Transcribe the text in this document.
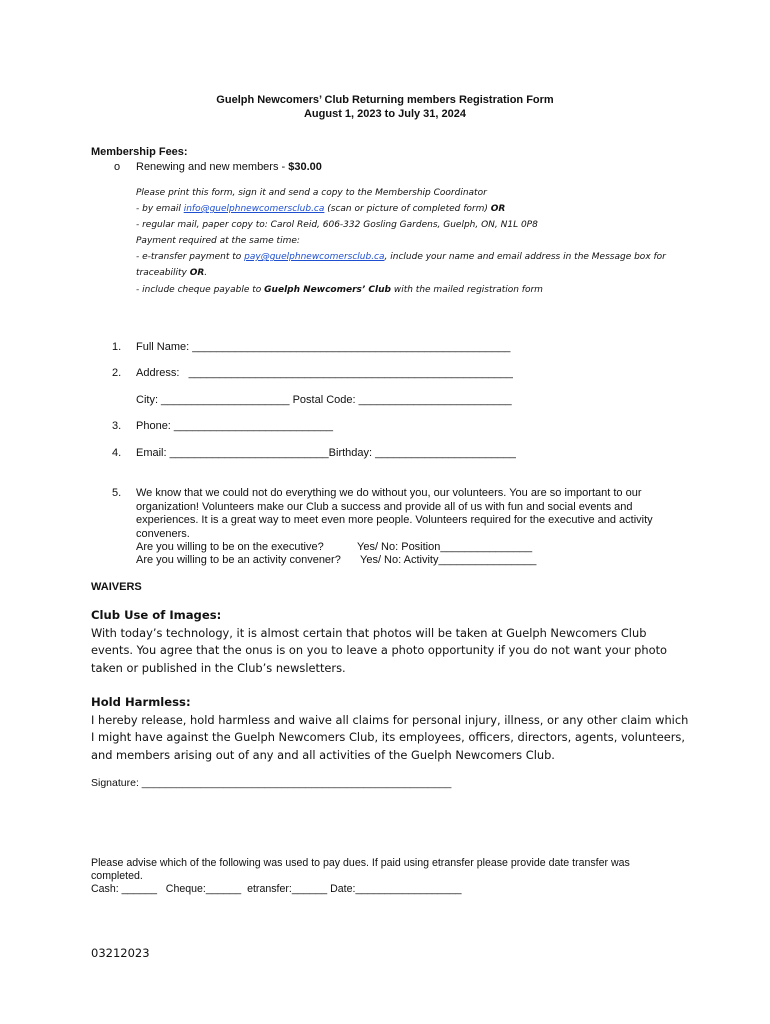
Guelph Newcomers’ Club Returning members Registration Form
August 1, 2023 to July 31, 2024
Membership Fees:
o Renewing and new members - $30.00
Please print this form, sign it and send a copy to the Membership Coordinator
- by email info@guelphnewcomersclub.ca (scan or picture of completed form) OR
- regular mail, paper copy to: Carol Reid, 606-332 Gosling Gardens, Guelph, ON, N1L 0P8
Payment required at the same time:
- e-transfer payment to pay@guelphnewcomersclub.ca, include your name and email address in the Message box for
traceability OR.
- include cheque payable to Guelph Newcomers’ Club with the mailed registration form
1. Full Name: ____________________________________________________
2. Address:   _____________________________________________________
City: _____________________ Postal Code: _________________________
3. Phone: __________________________
4. Email: __________________________Birthday: _______________________
5. We know that we could not do everything we do without you, our volunteers. You are so important to our
organization! Volunteers make our Club a success and provide all of us with fun and social events and
experiences. It is a great way to meet even more people. Volunteers required for the executive and activity
conveners.
Are you willing to be on the executive?	Yes/ No: Position_______________
Are you willing to be an activity convener? Yes/ No: Activity________________
WAIVERS
Club Use of Images:
With today’s technology, it is almost certain that photos will be taken at Guelph Newcomers Club
events. You agree that the onus is on you to leave a photo opportunity if you do not want your photo
taken or published in the Club’s newsletters.
Hold Harmless:
I hereby release, hold harmless and waive all claims for personal injury, illness, or any other claim which
I might have against the Guelph Newcomers Club, its employees, officers, directors, agents, volunteers,
and members arising out of any and all activities of the Guelph Newcomers Club.
Signature: _____________________________________________________
Please advise which of the following was used to pay dues. If paid using etransfer please provide date transfer was
completed.
Cash: ______   Cheque:______  etransfer:______ Date:__________________
03212023
